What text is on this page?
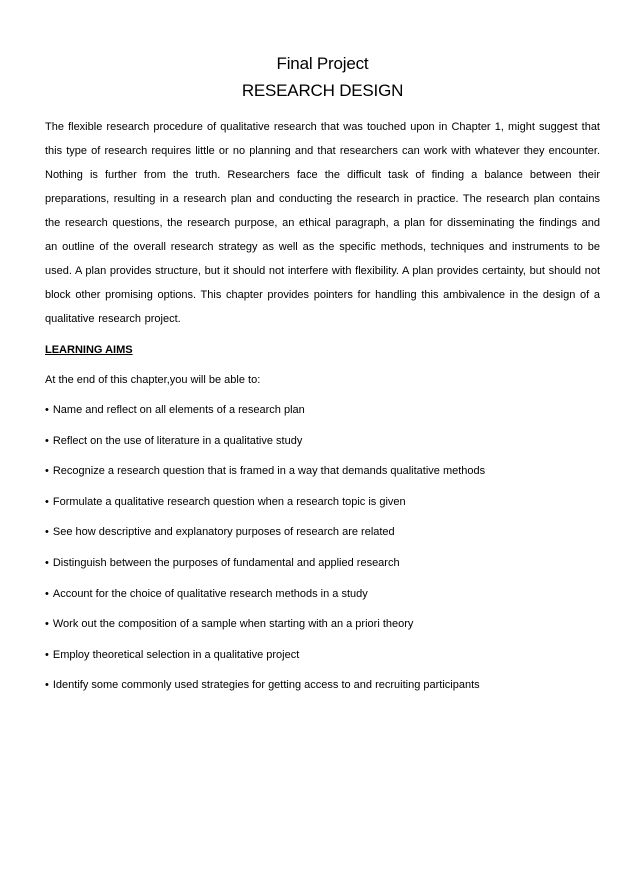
Final Project
RESEARCH DESIGN

The flexible research procedure of qualitative research that was touched upon in Chapter 1, might suggest that this type of research requires little or no planning and that researchers can work with whatever they encounter. Nothing is further from the truth. Researchers face the difficult task of finding a balance between their preparations, resulting in a research plan and conducting the research in practice. The research plan contains the research questions, the research purpose, an ethical paragraph, a plan for disseminating the findings and an outline of the overall research strategy as well as the specific methods, techniques and instruments to be used. A plan provides structure, but it should not interfere with flexibility. A plan provides certainty, but should not block other promising options. This chapter provides pointers for handling this ambivalence in the design of a qualitative research project.

LEARNING AIMS

At the end of this chapter,you will be able to:

• Name and reflect on all elements of a research plan
• Reflect on the use of literature in a qualitative study
• Recognize a research question that is framed in a way that demands qualitative methods
• Formulate a qualitative research question when a research topic is given
• See how descriptive and explanatory purposes of research are related
• Distinguish between the purposes of fundamental and applied research
• Account for the choice of qualitative research methods in a study
• Work out the composition of a sample when starting with an a priori theory
• Employ theoretical selection in a qualitative project
• Identify some commonly used strategies for getting access to and recruiting participants
